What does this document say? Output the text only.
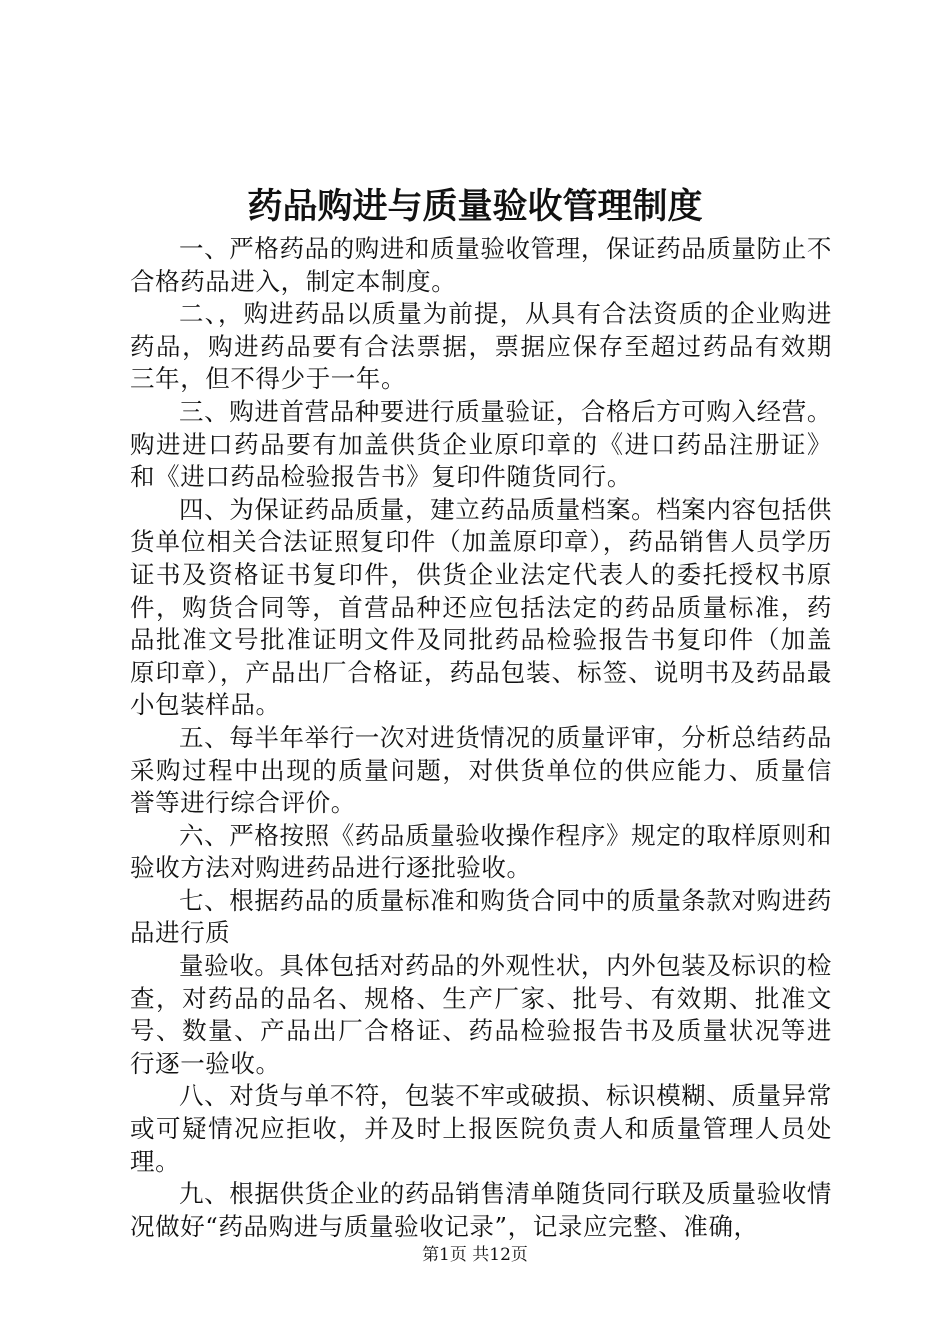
药品购进与质量验收管理制度

一、严格药品的购进和质量验收管理，保证药品质量防止不合格药品进入，制定本制度。

二、，购进药品以质量为前提，从具有合法资质的企业购进药品，购进药品要有合法票据，票据应保存至超过药品有效期三年，但不得少于一年。

三、购进首营品种要进行质量验证，合格后方可购入经营。购进进口药品要有加盖供货企业原印章的《进口药品注册证》和《进口药品检验报告书》复印件随货同行。

四、为保证药品质量，建立药品质量档案。档案内容包括供货单位相关合法证照复印件（加盖原印章），药品销售人员学历证书及资格证书复印件，供货企业法定代表人的委托授权书原件，购货合同等，首营品种还应包括法定的药品质量标准，药品批准文号批准证明文件及同批药品检验报告书复印件（加盖原印章），产品出厂合格证，药品包装、标签、说明书及药品最小包装样品。

五、每半年举行一次对进货情况的质量评审，分析总结药品采购过程中出现的质量问题，对供货单位的供应能力、质量信誉等进行综合评价。

六、严格按照《药品质量验收操作程序》规定的取样原则和验收方法对购进药品进行逐批验收。

七、根据药品的质量标准和购货合同中的质量条款对购进药品进行质

量验收。具体包括对药品的外观性状，内外包装及标识的检查，对药品的品名、规格、生产厂家、批号、有效期、批准文号、数量、产品出厂合格证、药品检验报告书及质量状况等进行逐一验收。

八、对货与单不符，包装不牢或破损、标识模糊、质量异常或可疑情况应拒收，并及时上报医院负责人和质量管理人员处理。

九、根据供货企业的药品销售清单随货同行联及质量验收情况做好“药品购进与质量验收记录”，记录应完整、准确，

第1页 共12页
